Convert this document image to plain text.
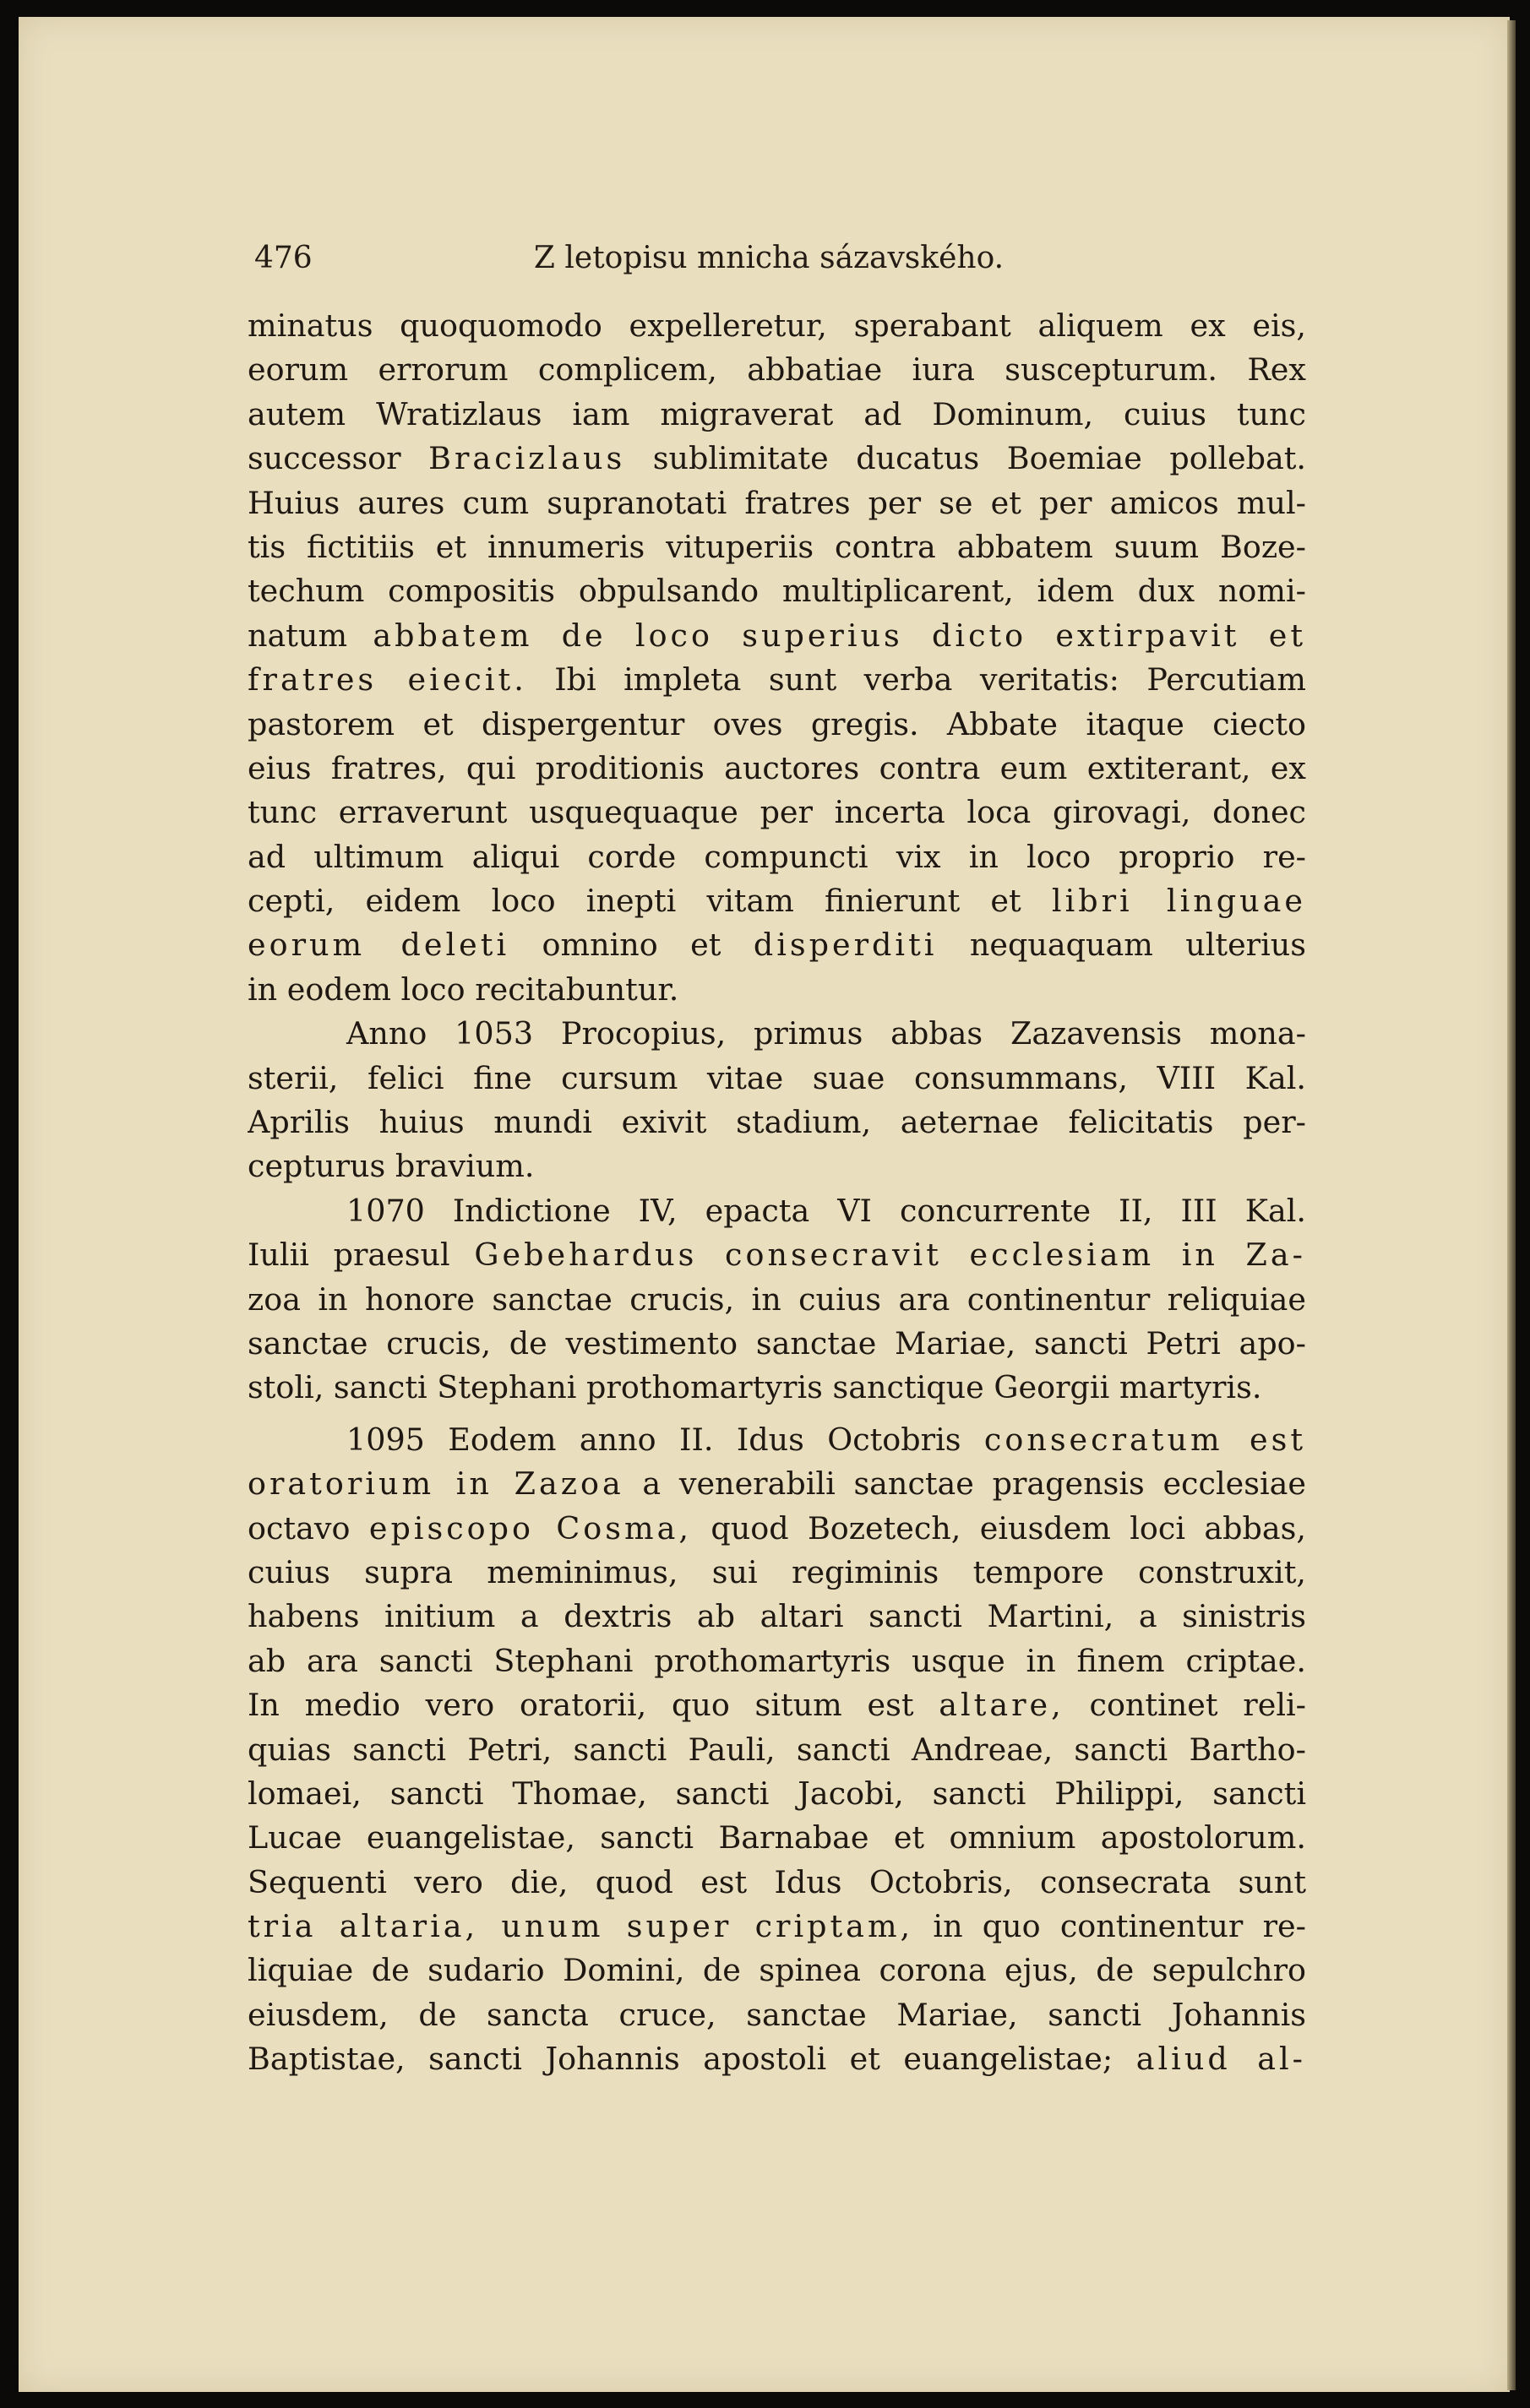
476	Z letopisu mnicha sázavského.
minatus quoquomodo expelleretur, sperabant aliquem ex eis,
eorum errorum complicem, abbatiae iura suscepturum. Rex
autem Wratizlaus iam migraverat ad Dominum, cuius tunc
successor Bracizlaus sublimitate ducatus Boemiae pollebat.
Huius aures cum supranotati fratres per se et per amicos mul-
tis fictitiis et innumeris vituperiis contra abbatem suum Boze-
techum compositis obpulsando multiplicarent, idem dux nomi-
natum abbatem de loco superius dicto extirpavit et
fratres eiecit. Ibi impleta sunt verba veritatis: Percutiam
pastorem et dispergentur oves gregis. Abbate itaque ciecto
eius fratres, qui proditionis auctores contra eum extiterant, ex
tunc erraverunt usquequaque per incerta loca girovagi, donec
ad ultimum aliqui corde compuncti vix in loco proprio re-
cepti, eidem loco inepti vitam finierunt et libri linguae
eorum deleti omnino et disperditi nequaquam ulterius
in eodem loco recitabuntur.
Anno 1053 Procopius, primus abbas Zazavensis mona-
sterii, felici fine cursum vitae suae consummans, VIII Kal.
Aprilis huius mundi exivit stadium, aeternae felicitatis per-
cepturus bravium.
1070 Indictione IV, epacta VI concurrente II, III Kal.
Iulii praesul Gebehardus consecravit ecclesiam in Za-
zoa in honore sanctae crucis, in cuius ara continentur reliquiae
sanctae crucis, de vestimento sanctae Mariae, sancti Petri apo-
stoli, sancti Stephani prothomartyris sanctique Georgii martyris.
1095 Eodem anno II. Idus Octobris consecratum est
oratorium in Zazoa a venerabili sanctae pragensis ecclesiae
octavo episcopo Cosma, quod Bozetech, eiusdem loci abbas,
cuius supra meminimus, sui regiminis tempore construxit,
habens initium a dextris ab altari sancti Martini, a sinistris
ab ara sancti Stephani prothomartyris usque in finem criptae.
In medio vero oratorii, quo situm est altare, continet reli-
quias sancti Petri, sancti Pauli, sancti Andreae, sancti Bartho-
lomaei, sancti Thomae, sancti Jacobi, sancti Philippi, sancti
Lucae euangelistae, sancti Barnabae et omnium apostolorum.
Sequenti vero die, quod est Idus Octobris, consecrata sunt
tria altaria, unum super criptam, in quo continentur re-
liquiae de sudario Domini, de spinea corona ejus, de sepulchro
eiusdem, de sancta cruce, sanctae Mariae, sancti Johannis
Baptistae, sancti Johannis apostoli et euangelistae; aliud al-
